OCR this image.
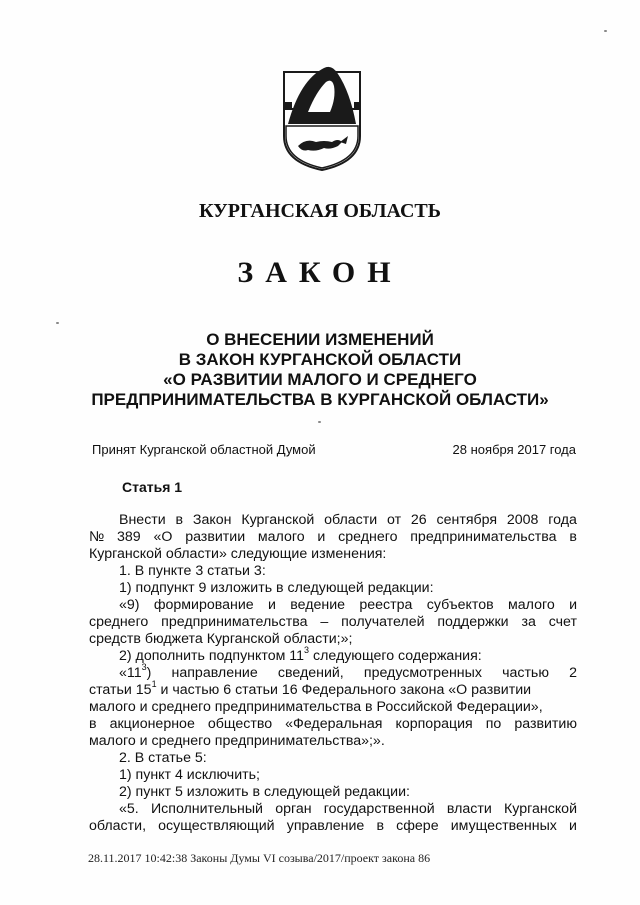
КУРГАНСКАЯ ОБЛАСТЬ
ЗАКОН
О ВНЕСЕНИИ ИЗМЕНЕНИЙ
В ЗАКОН КУРГАНСКОЙ ОБЛАСТИ
«О РАЗВИТИИ МАЛОГО И СРЕДНЕГО
ПРЕДПРИНИМАТЕЛЬСТВА В КУРГАНСКОЙ ОБЛАСТИ»
Принят Курганской областной Думой	28 ноября 2017 года
Статья 1
Внести в Закон Курганской области от 26 сентября 2008 года
№ 389 «О развитии малого и среднего предпринимательства в
Курганской области» следующие изменения:
1. В пункте 3 статьи 3:
1) подпункт 9 изложить в следующей редакции:
«9) формирование и ведение реестра субъектов малого и
среднего предпринимательства – получателей поддержки за счет
средств бюджета Курганской области;»;
2) дополнить подпунктом $11^3$ следующего содержания:
«$11^3$) направление сведений, предусмотренных частью 2
статьи $15^1$ и частью 6 статьи 16 Федерального закона «О развитии
малого и среднего предпринимательства в Российской Федерации»,
в акционерное общество «Федеральная корпорация по развитию
малого и среднего предпринимательства»;».
2. В статье 5:
1) пункт 4 исключить;
2) пункт 5 изложить в следующей редакции:
«5. Исполнительный орган государственной власти Курганской
области, осуществляющий управление в сфере имущественных и
28.11.2017 10:42:38 Законы Думы VI созыва/2017/проект закона 86
